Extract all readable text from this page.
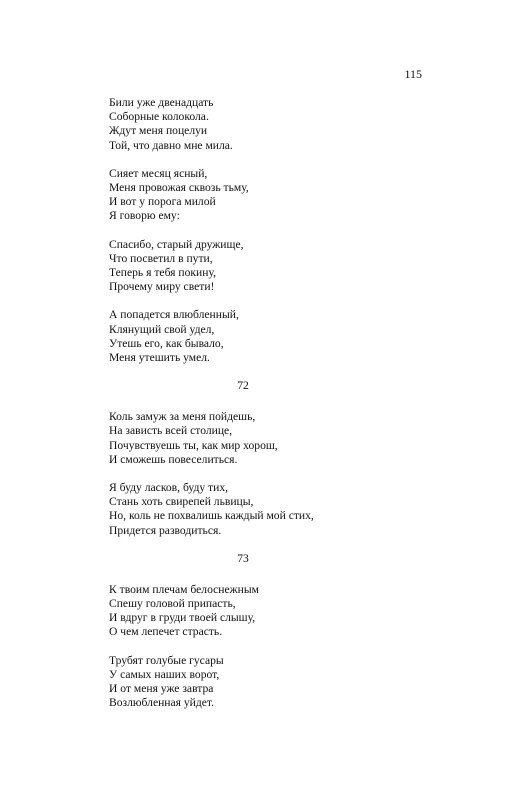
115
Били уже двенадцать
Соборные колокола.
Ждут меня поцелуи
Той, что давно мне мила.
Сияет месяц ясный,
Меня провожая сквозь тьму,
И вот у порога милой
Я говорю ему:
Спасибо, старый дружище,
Что посветил в пути,
Теперь я тебя покину,
Прочему миру свети!
А попадется влюбленный,
Клянущий свой удел,
Утешь его, как бывало,
Меня утешить умел.
72
Коль замуж за меня пойдешь,
На зависть всей столице,
Почувствуешь ты, как мир хорош,
И сможешь повеселиться.
Я буду ласков, буду тих,
Стань хоть свирепей львицы,
Но, коль не похвалишь каждый мой стих,
Придется разводиться.
73
К твоим плечам белоснежным
Спешу головой припасть,
И вдруг в груди твоей слышу,
О чем лепечет страсть.
Трубят голубые гусары
У самых наших ворот,
И от меня уже завтра
Возлюбленная уйдет.
